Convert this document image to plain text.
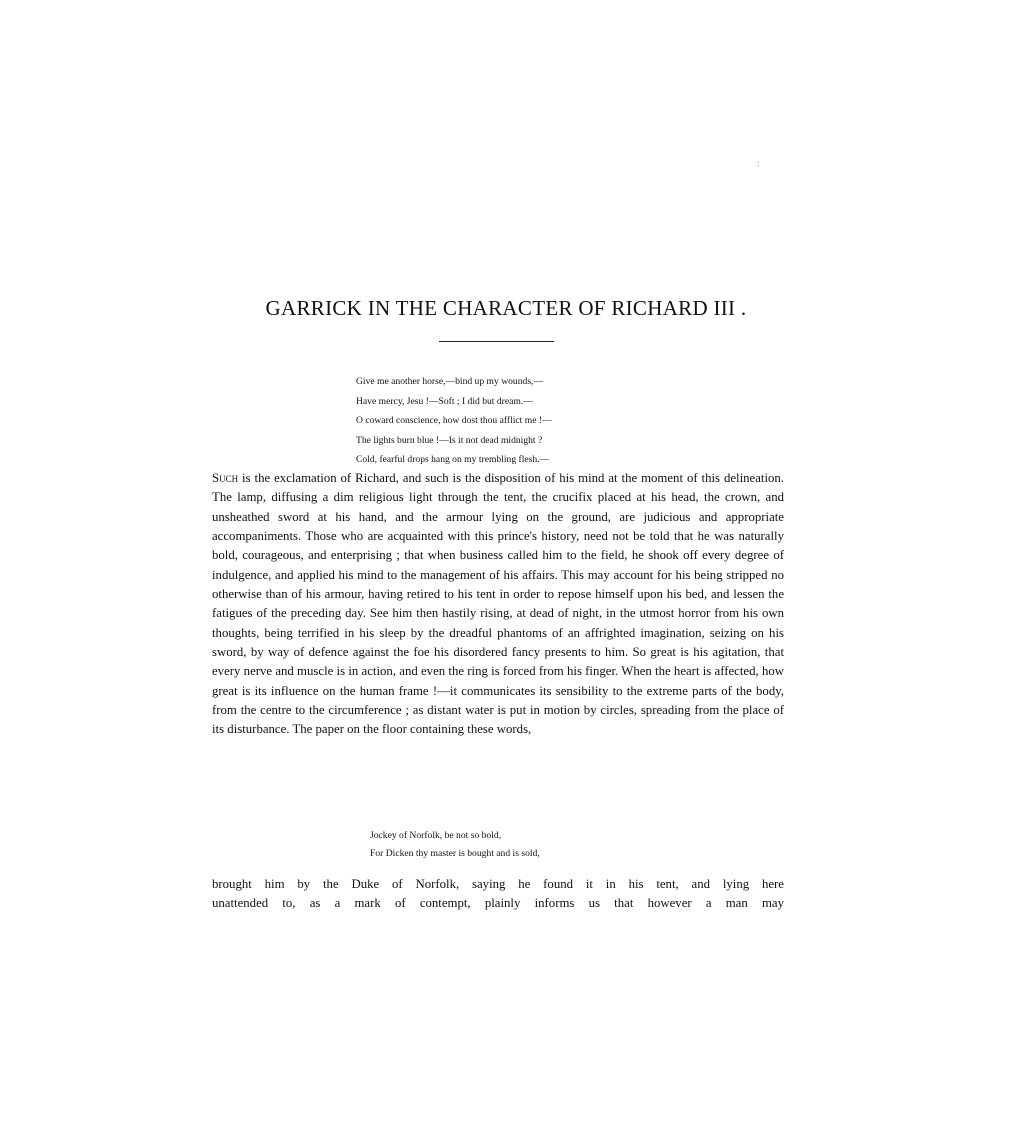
:
GARRICK IN THE CHARACTER OF RICHARD III .
Give me another horse,—bind up my wounds,—
Have mercy, Jesu !—Soft ; I did but dream.—
O coward conscience, how dost thou afflict me !—
The lights burn blue !—Is it not dead midnight ?
Cold, fearful drops hang on my trembling flesh.—

Such is the exclamation of Richard, and such is the disposition of his mind at the moment of this delineation. The lamp, diffusing a dim religious light through the tent, the crucifix placed at his head, the crown, and unsheathed sword at his hand, and the armour lying on the ground, are judicious and appropriate accompaniments. Those who are acquainted with this prince's history, need not be told that he was naturally bold, courageous, and enterprising ; that when business called him to the field, he shook off every degree of indulgence, and applied his mind to the management of his affairs. This may account for his being stripped no otherwise than of his armour, having retired to his tent in order to repose himself upon his bed, and lessen the fatigues of the preceding day. See him then hastily rising, at dead of night, in the utmost horror from his own thoughts, being terrified in his sleep by the dreadful phantoms of an affrighted imagination, seizing on his sword, by way of defence against the foe his disordered fancy presents to him. So great is his agitation, that every nerve and muscle is in action, and even the ring is forced from his finger. When the heart is affected, how great is its influence on the human frame !—it communicates its sensibility to the extreme parts of the body, from the centre to the circumference ; as distant water is put in motion by circles, spreading from the place of its disturbance. The paper on the floor containing these words,

Jockey of Norfolk, be not so bold,
For Dicken thy master is bought and is sold,

brought him by the Duke of Norfolk, saying he found it in his tent, and lying here
unattended to, as a mark of contempt, plainly informs us that however a man may
